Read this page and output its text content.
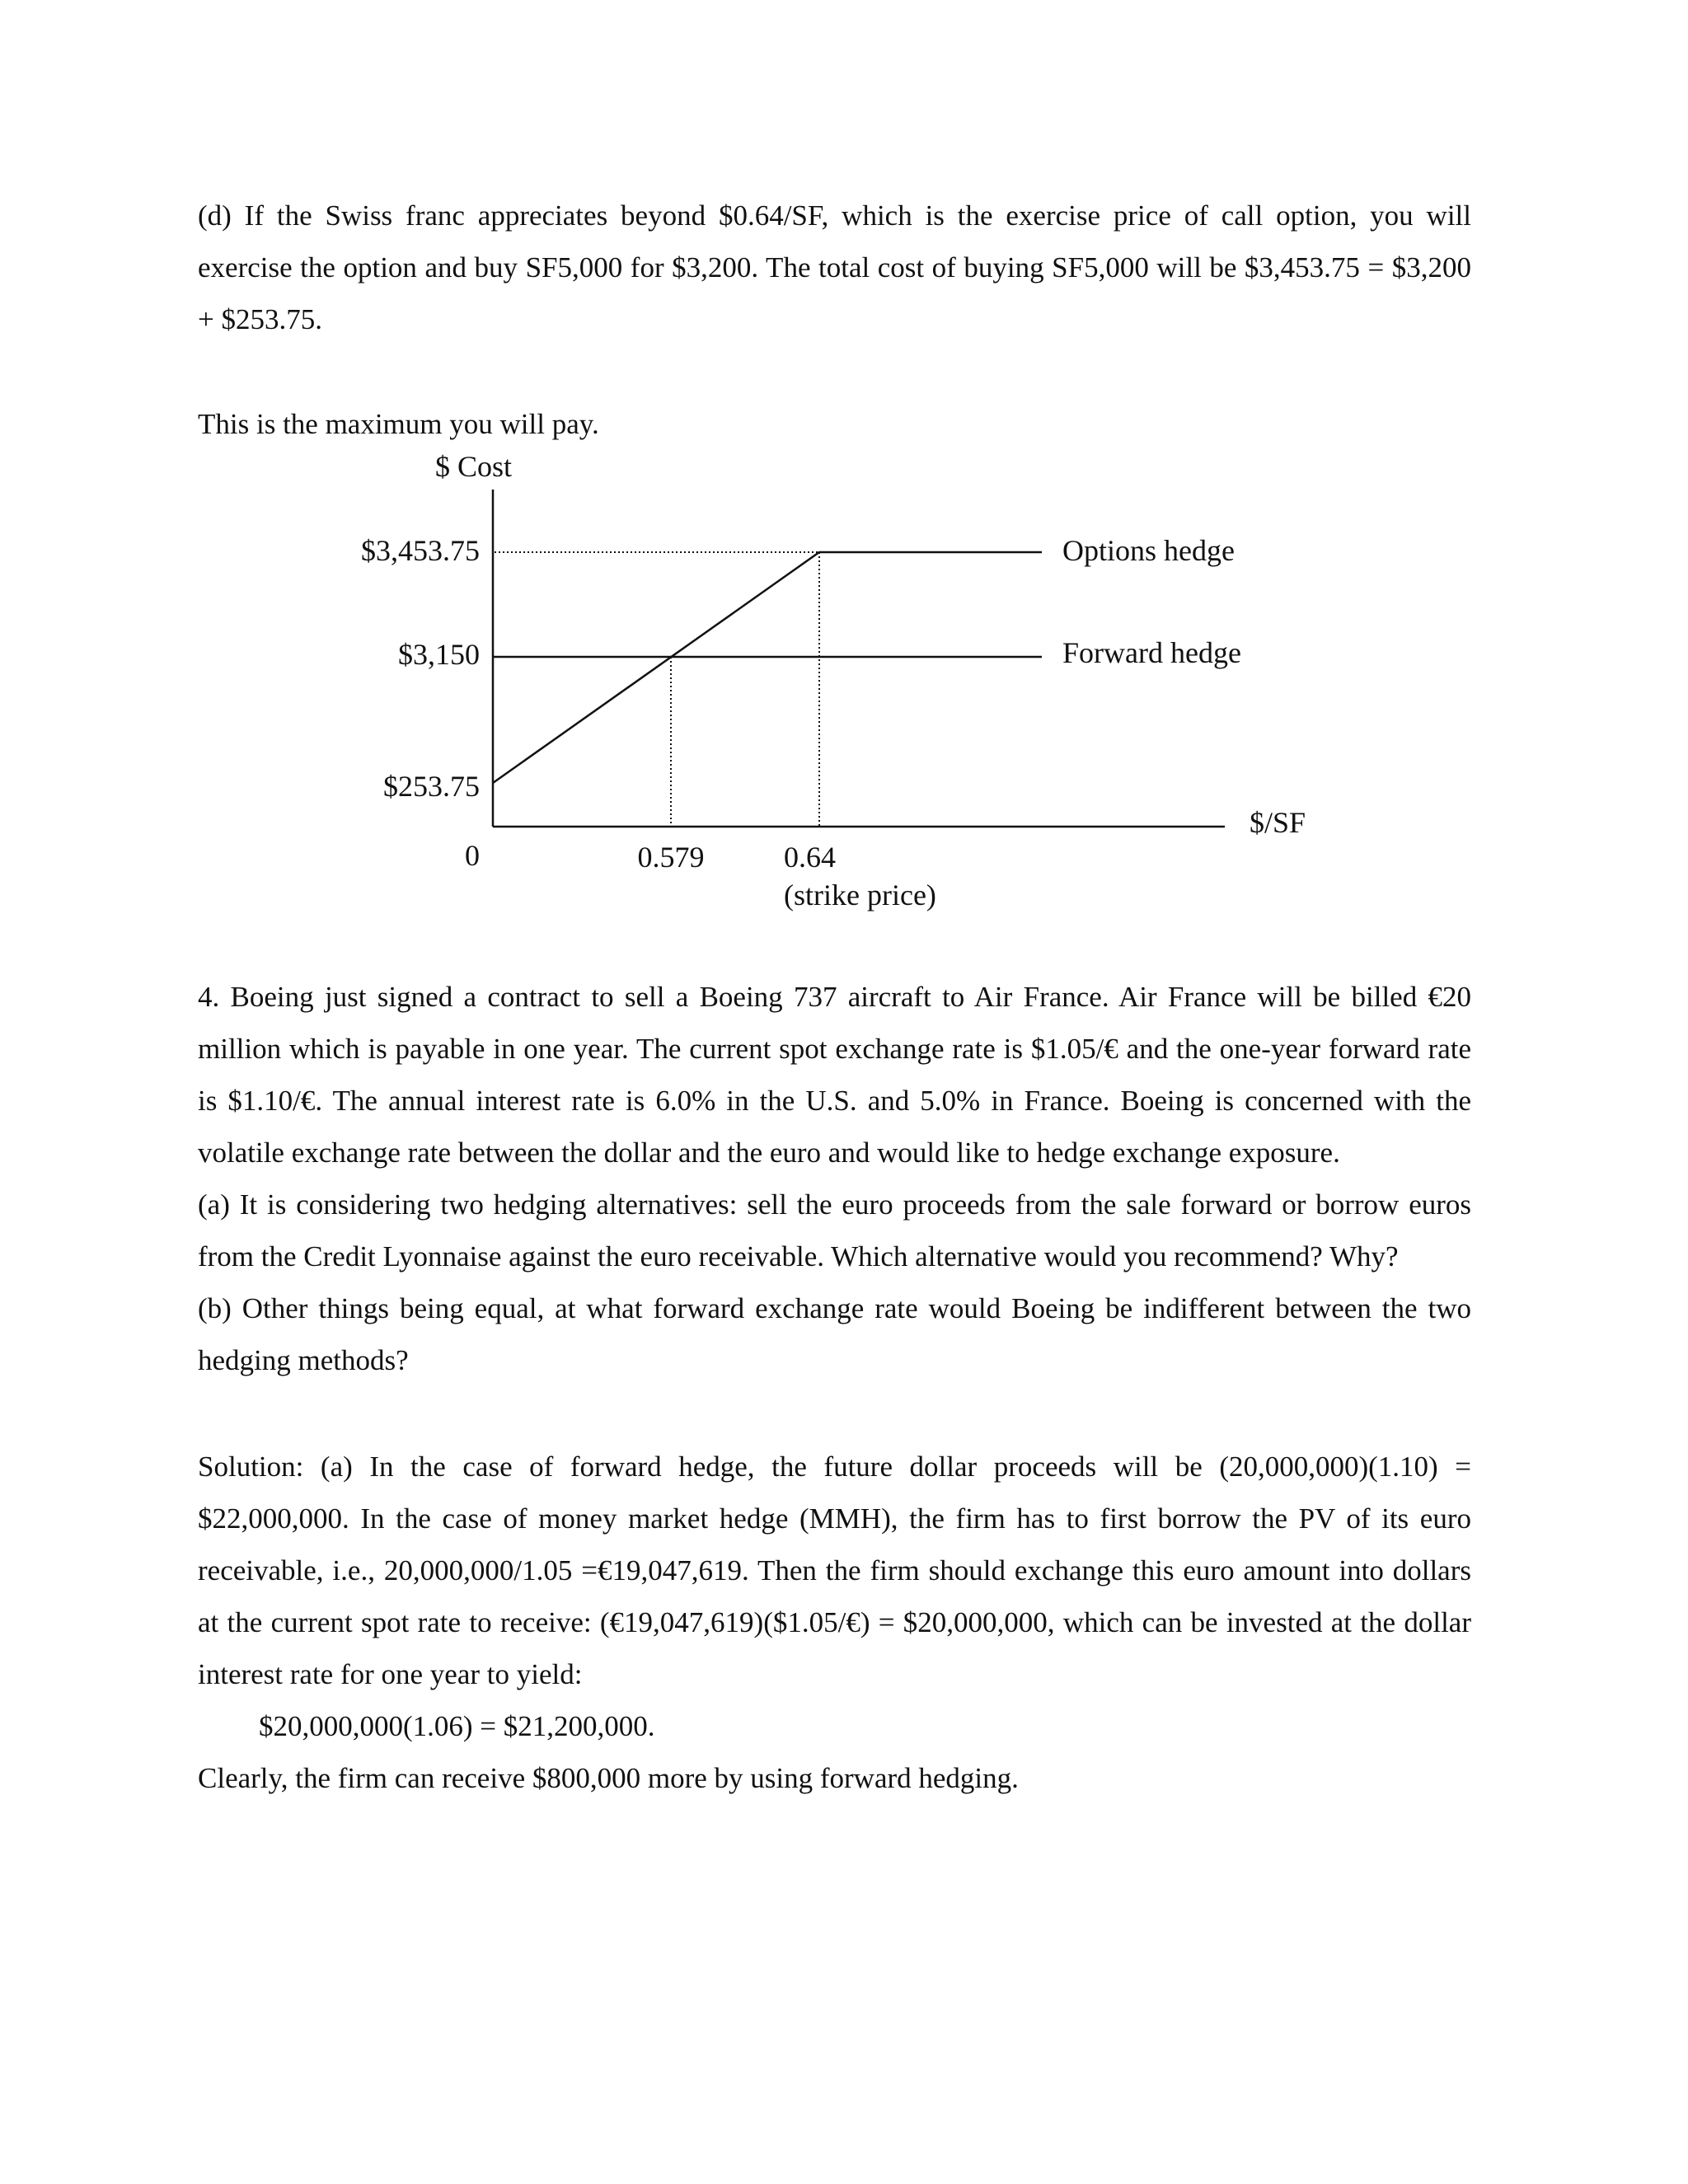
$ Cost
$3,453.75
$3,150
$253.75
0	0.579	0.64
(strike price)
Options hedge
Forward hedge
$/SF

(d) If the Swiss franc appreciates beyond $0.64/SF, which is the exercise price of call option, you will exercise the option and buy SF5,000 for $3,200. The total cost of buying SF5,000 will be $3,453.75 = $3,200 + $253.75.

This is the maximum you will pay.

4. Boeing just signed a contract to sell a Boeing 737 aircraft to Air France. Air France will be billed €20 million which is payable in one year. The current spot exchange rate is $1.05/€ and the one-year forward rate is $1.10/€. The annual interest rate is 6.0% in the U.S. and 5.0% in France. Boeing is concerned with the volatile exchange rate between the dollar and the euro and would like to hedge exchange exposure.

(a) It is considering two hedging alternatives: sell the euro proceeds from the sale forward or borrow euros from the Credit Lyonnaise against the euro receivable. Which alternative would you recommend? Why?

(b) Other things being equal, at what forward exchange rate would Boeing be indifferent between the two hedging methods?

Solution: (a) In the case of forward hedge, the future dollar proceeds will be (20,000,000)(1.10) = $22,000,000. In the case of money market hedge (MMH), the firm has to first borrow the PV of its euro receivable, i.e., 20,000,000/1.05 =€19,047,619. Then the firm should exchange this euro amount into dollars at the current spot rate to receive: (€19,047,619)($1.05/€) = $20,000,000, which can be invested at the dollar interest rate for one year to yield:

$20,000,000(1.06) = $21,200,000.

Clearly, the firm can receive $800,000 more by using forward hedging.
